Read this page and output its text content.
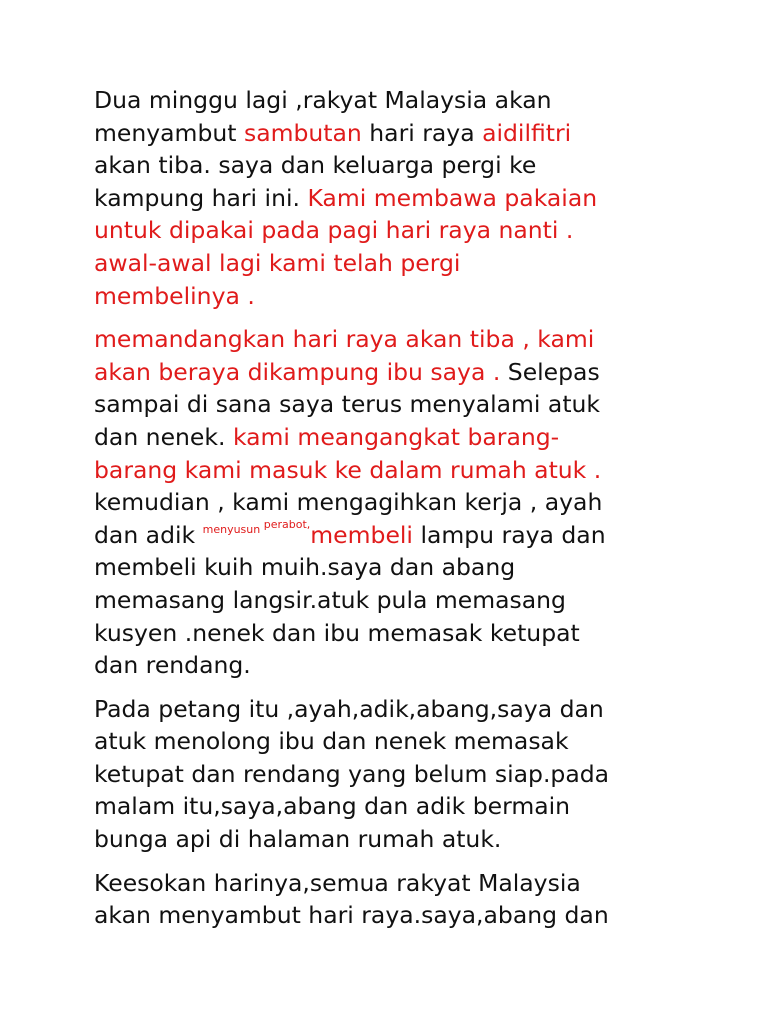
Dua minggu lagi ,rakyat Malaysia akan
menyambut sambutan hari raya aidilfitri
akan tiba. saya dan keluarga pergi ke
kampung hari ini. Kami membawa pakaian
untuk dipakai pada pagi hari raya nanti .
awal-awal lagi kami telah pergi
membelinya .
memandangkan hari raya akan tiba , kami
akan beraya dikampung ibu saya . Selepas
sampai di sana saya terus menyalami atuk
dan nenek. kami meangangkat barang-
barang kami masuk ke dalam rumah atuk .
kemudian , kami mengagihkan kerja , ayah
dan adik $^{menyusun}$ $^{perabot,}$membeli lampu raya dan
membeli kuih muih.saya dan abang
memasang langsir.atuk pula memasang
kusyen .nenek dan ibu memasak ketupat
dan rendang.
Pada petang itu ,ayah,adik,abang,saya dan
atuk menolong ibu dan nenek memasak
ketupat dan rendang yang belum siap.pada
malam itu,saya,abang dan adik bermain
bunga api di halaman rumah atuk.
Keesokan harinya,semua rakyat Malaysia
akan menyambut hari raya.saya,abang dan
